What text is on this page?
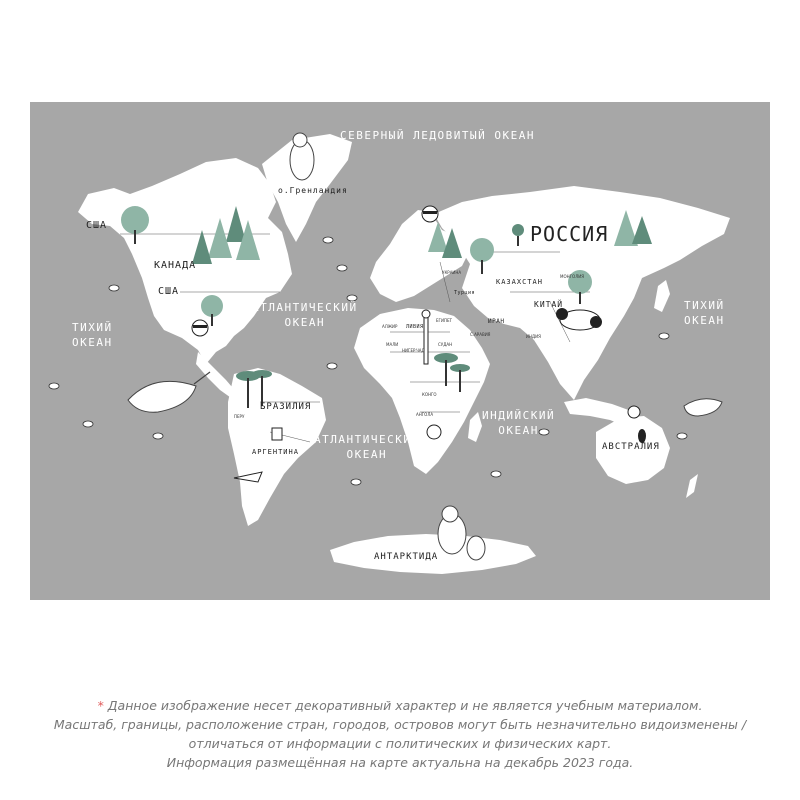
СЕВЕРНЫЙ ЛЕДОВИТЫЙ ОКЕАН
АТЛАНТИЧЕСКИЙ
ОКЕАН
АТЛАНТИЧЕСКИЙ
ОКЕАН
ТИХИЙ
ОКЕАН
ТИХИЙ
ОКЕАН
ИНДИЙСКИЙ
ОКЕАН
РОССИЯ
о.Гренландия
США
КАНАДА
США
БРАЗИЛИЯ
АРГЕНТИНА
КАЗАХСТАН
КИТАЙ
АВСТРАЛИЯ
АНТАРКТИДА
ЛИВИЯ
Турция
ИРАН
МАЛИ
АЛЖИР
ЕГИПЕТ
НИГЕР ЧАД
СУДАН
КОНГО
АНГОЛА
МОНГОЛИЯ
ИНДИЯ
ПЕРУ
С.АРАВИЯ
УКРАИНА
* Данное изображение несет декоративный характер и не является учебным материалом.
Масштаб, границы, расположение стран, городов, островов могут быть незначительно видоизменены /
отличаться от информации с политических и физических карт.
Информация размещённая на карте актуальна на декабрь 2023 года.
